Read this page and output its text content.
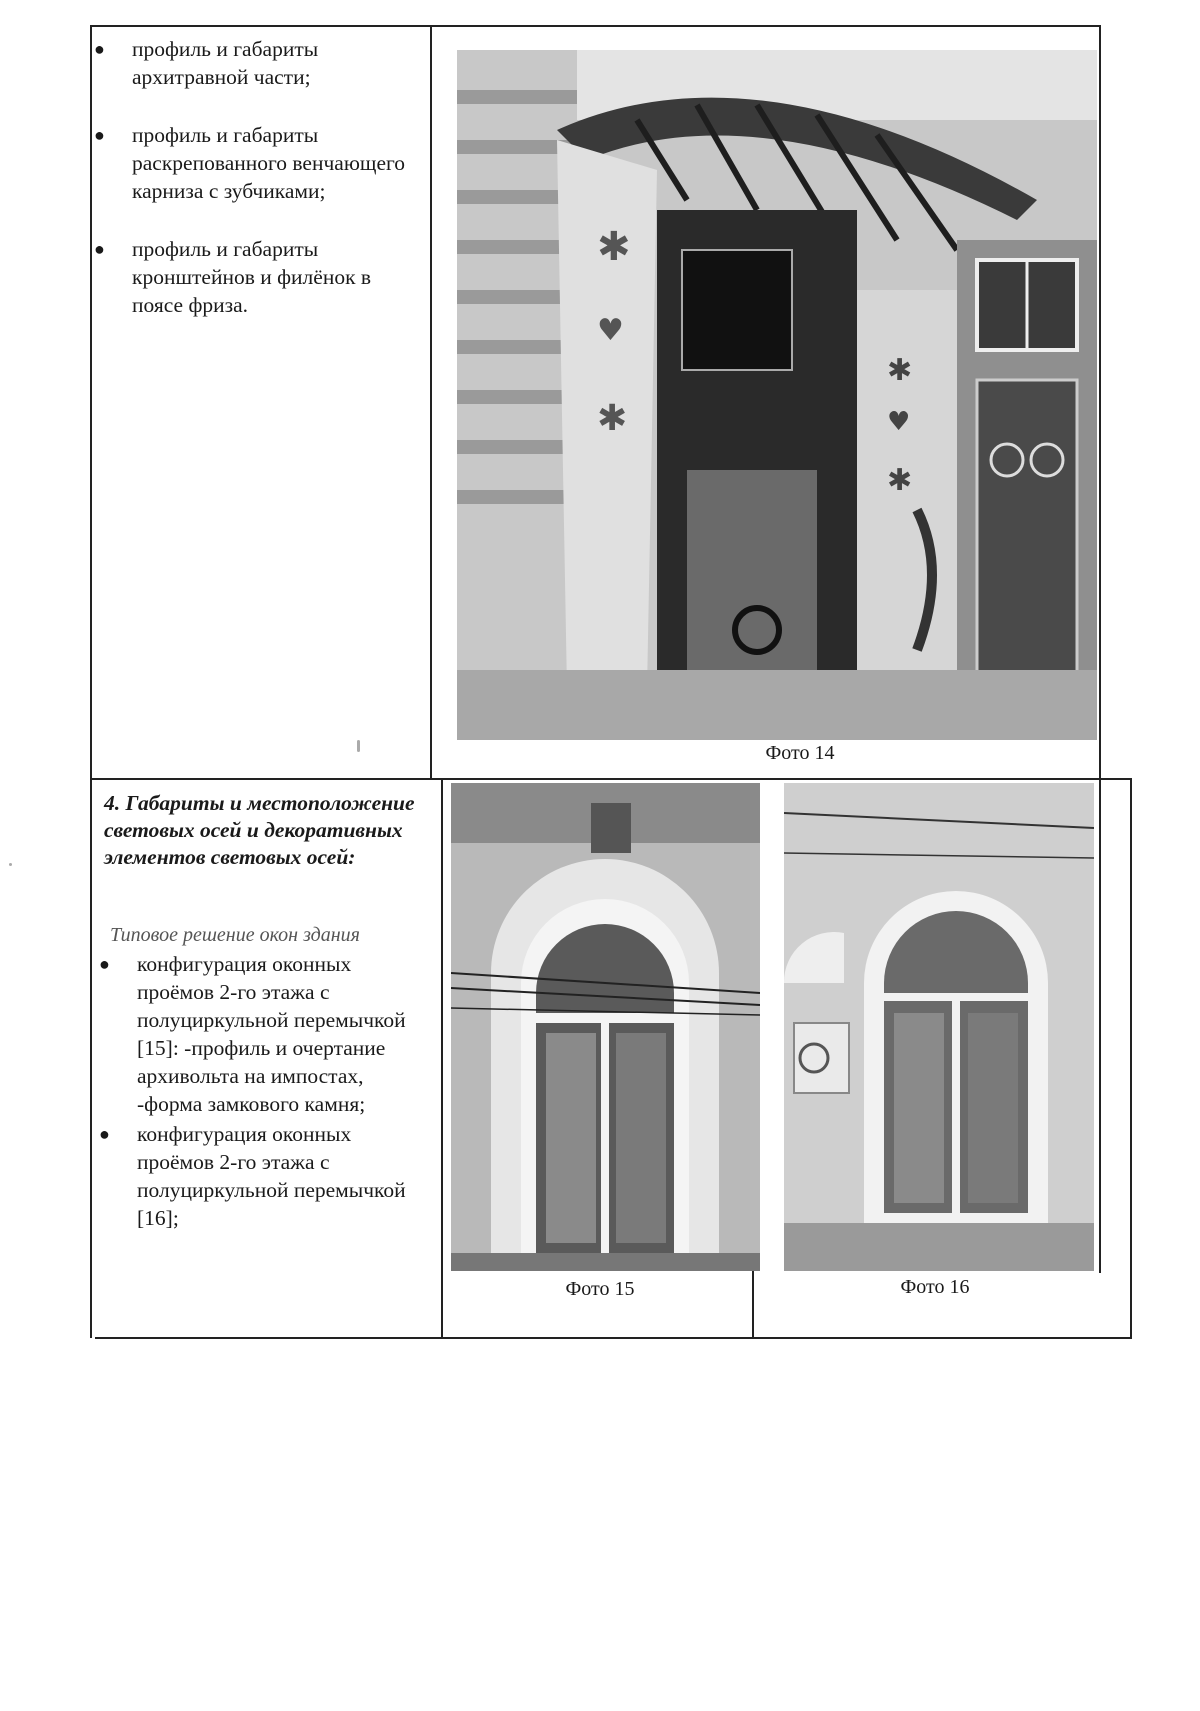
● профиль и габариты архитравной части;
● профиль и габариты раскрепованного венчающего карниза с зубчиками;
● профиль и габариты кронштейнов и филёнок в поясе фриза.
✱
♥
✱
✱
♥
✱
Фото 14
4. Габариты и местоположение световых осей и декоративных элементов световых осей:
Типовое решение окон здания
● конфигурация оконных проёмов 2-го этажа с полуциркульной перемычкой [15]: -профиль и очертание архивольта на импостах, -форма замкового камня;
● конфигурация оконных проёмов 2-го этажа с полуциркульной перемычкой [16];
Фото 15	Фото 16
